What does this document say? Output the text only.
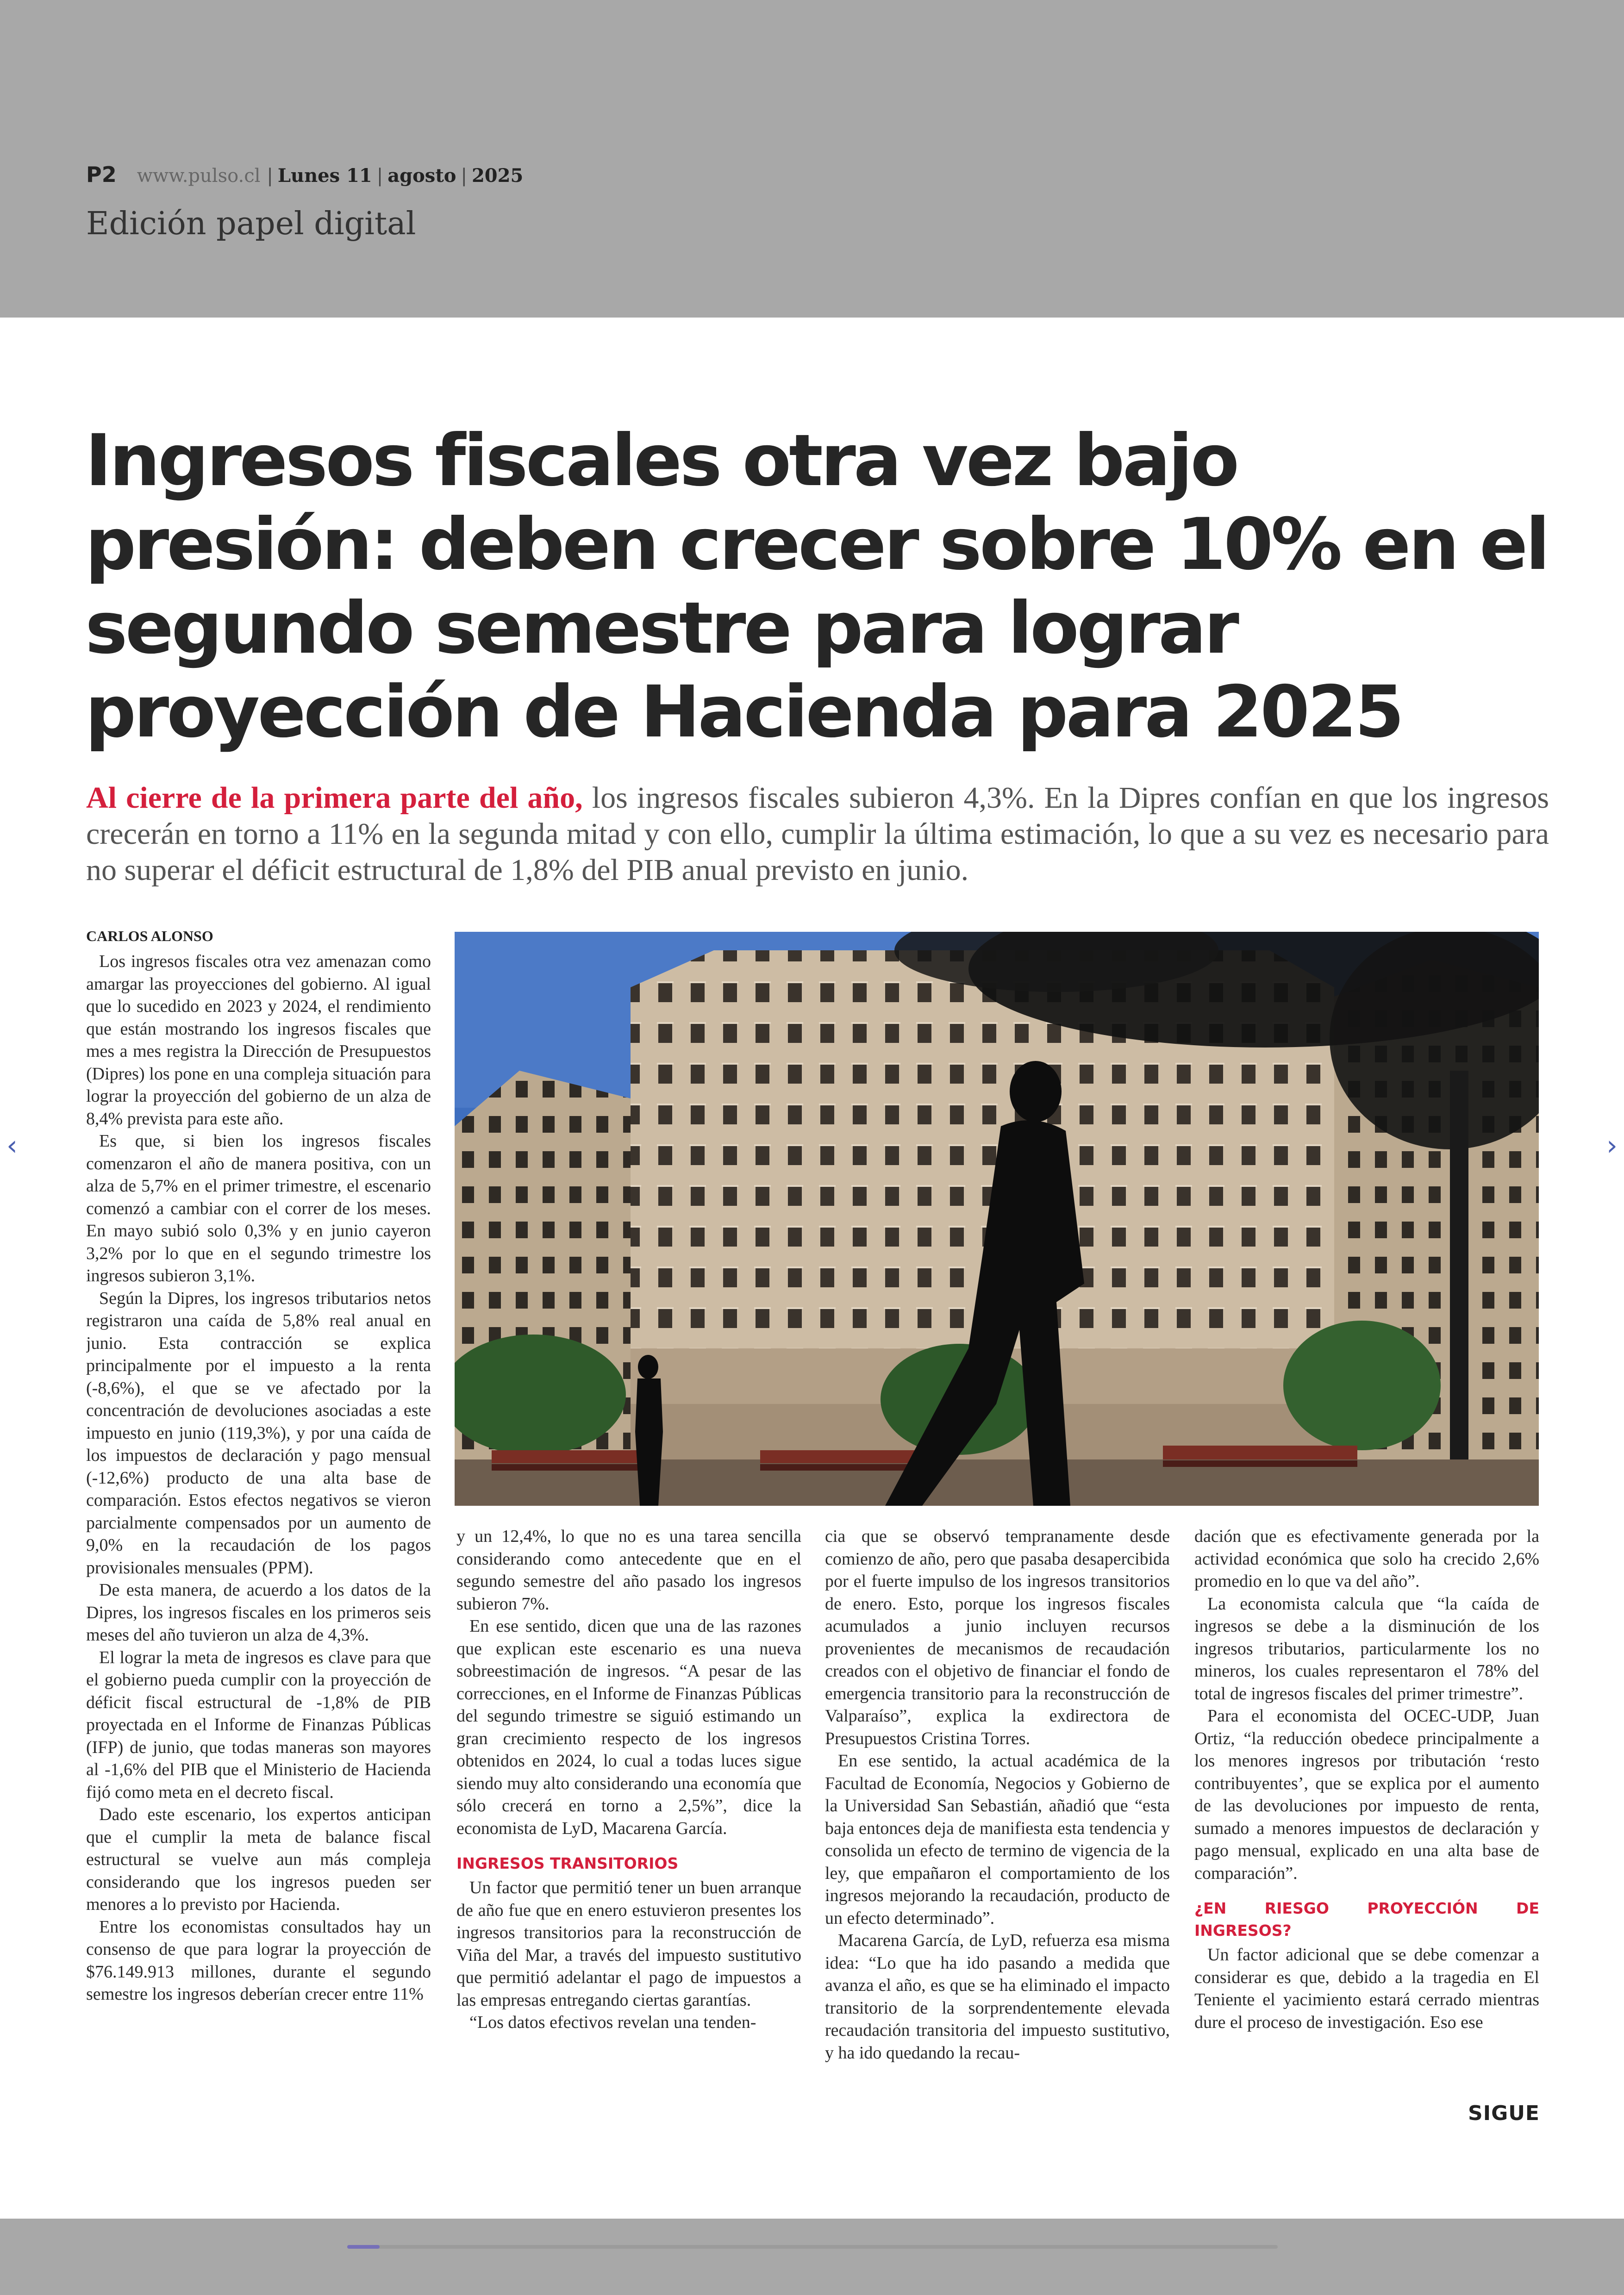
P2 www.pulso.cl | Lunes 11 | agosto | 2025
Edición papel digital
Ingresos fiscales otra vez bajo presión: deben crecer sobre 10% en el segundo semestre para lograr proyección de Hacienda para 2025

Al cierre de la primera parte del año, los ingresos fiscales subieron 4,3%. En la Dipres confían en que los ingresos crecerán en torno a 11% en la segunda mitad y con ello, cumplir la última estimación, lo que a su vez es necesario para no superar el déficit estructural de 1,8% del PIB anual previsto en junio.

CARLOS ALONSO

Los ingresos fiscales otra vez amenazan como amargar las proyecciones del gobierno. Al igual que lo sucedido en 2023 y 2024, el rendimiento que están mostrando los ingresos fiscales que mes a mes registra la Dirección de Presupuestos (Dipres) los pone en una compleja situación para lograr la proyección del gobierno de un alza de 8,4% prevista para este año.

Es que, si bien los ingresos fiscales comenzaron el año de manera positiva, con un alza de 5,7% en el primer trimestre, el escenario comenzó a cambiar con el correr de los meses. En mayo subió solo 0,3% y en junio cayeron 3,2% por lo que en el segundo trimestre los ingresos subieron 3,1%.

Según la Dipres, los ingresos tributarios netos registraron una caída de 5,8% real anual en junio. Esta contracción se explica principalmente por el impuesto a la renta (-8,6%), el que se ve afectado por la concentración de devoluciones asociadas a este impuesto en junio (119,3%), y por una caída de los impuestos de declaración y pago mensual (-12,6%) producto de una alta base de comparación. Estos efectos negativos se vieron parcialmente compensados por un aumento de 9,0% en la recaudación de los pagos provisionales mensuales (PPM).

De esta manera, de acuerdo a los datos de la Dipres, los ingresos fiscales en los primeros seis meses del año tuvieron un alza de 4,3%.

El lograr la meta de ingresos es clave para que el gobierno pueda cumplir con la proyección de déficit fiscal estructural de -1,8% de PIB proyectada en el Informe de Finanzas Públicas (IFP) de junio, que todas maneras son mayores al -1,6% del PIB que el Ministerio de Hacienda fijó como meta en el decreto fiscal.

Dado este escenario, los expertos anticipan que el cumplir la meta de balance fiscal estructural se vuelve aun más compleja considerando que los ingresos pueden ser menores a lo previsto por Hacienda.

Entre los economistas consultados hay un consenso de que para lograr la proyección de $76.149.913 millones, durante el segundo semestre los ingresos deberían crecer entre 11%

y un 12,4%, lo que no es una tarea sencilla considerando como antecedente que en el segundo semestre del año pasado los ingresos subieron 7%.

En ese sentido, dicen que una de las razones que explican este escenario es una nueva sobreestimación de ingresos. “A pesar de las correcciones, en el Informe de Finanzas Públicas del segundo trimestre se siguió estimando un gran crecimiento respecto de los ingresos obtenidos en 2024, lo cual a todas luces sigue siendo muy alto considerando una economía que sólo crecerá en torno a 2,5%”, dice la economista de LyD, Macarena García.

INGRESOS TRANSITORIOS

Un factor que permitió tener un buen arranque de año fue que en enero estuvieron presentes los ingresos transitorios para la reconstrucción de Viña del Mar, a través del impuesto sustitutivo que permitió adelantar el pago de impuestos a las empresas entregando ciertas garantías.

“Los datos efectivos revelan una tenden-

cia que se observó tempranamente desde comienzo de año, pero que pasaba desapercibida por el fuerte impulso de los ingresos transitorios de enero. Esto, porque los ingresos fiscales acumulados a junio incluyen recursos provenientes de mecanismos de recaudación creados con el objetivo de financiar el fondo de emergencia transitorio para la reconstrucción de Valparaíso”, explica la exdirectora de Presupuestos Cristina Torres.

En ese sentido, la actual académica de la Facultad de Economía, Negocios y Gobierno de la Universidad San Sebastián, añadió que “esta baja entonces deja de manifiesta esta tendencia y consolida un efecto de termino de vigencia de la ley, que empañaron el comportamiento de los ingresos mejorando la recaudación, producto de un efecto determinado”.

Macarena García, de LyD, refuerza esa misma idea: “Lo que ha ido pasando a medida que avanza el año, es que se ha eliminado el impacto transitorio de la sorprendentemente elevada recaudación transitoria del impuesto sustitutivo, y ha ido quedando la recau-

dación que es efectivamente generada por la actividad económica que solo ha crecido 2,6% promedio en lo que va del año”.

La economista calcula que “la caída de ingresos se debe a la disminución de los ingresos tributarios, particularmente los no mineros, los cuales representaron el 78% del total de ingresos fiscales del primer trimestre”.

Para el economista del OCEC-UDP, Juan Ortiz, “la reducción obedece principalmente a los menores ingresos por tributación ‘resto contribuyentes’, que se explica por el aumento de las devoluciones por impuesto de renta, sumado a menores impuestos de declaración y pago mensual, explicado en una alta base de comparación”.

¿EN RIESGO PROYECCIÓN DE INGRESOS?

Un factor adicional que se debe comenzar a considerar es que, debido a la tragedia en El Teniente el yacimiento estará cerrado mientras dure el proceso de investigación. Eso ese

SIGUE
‹	›
